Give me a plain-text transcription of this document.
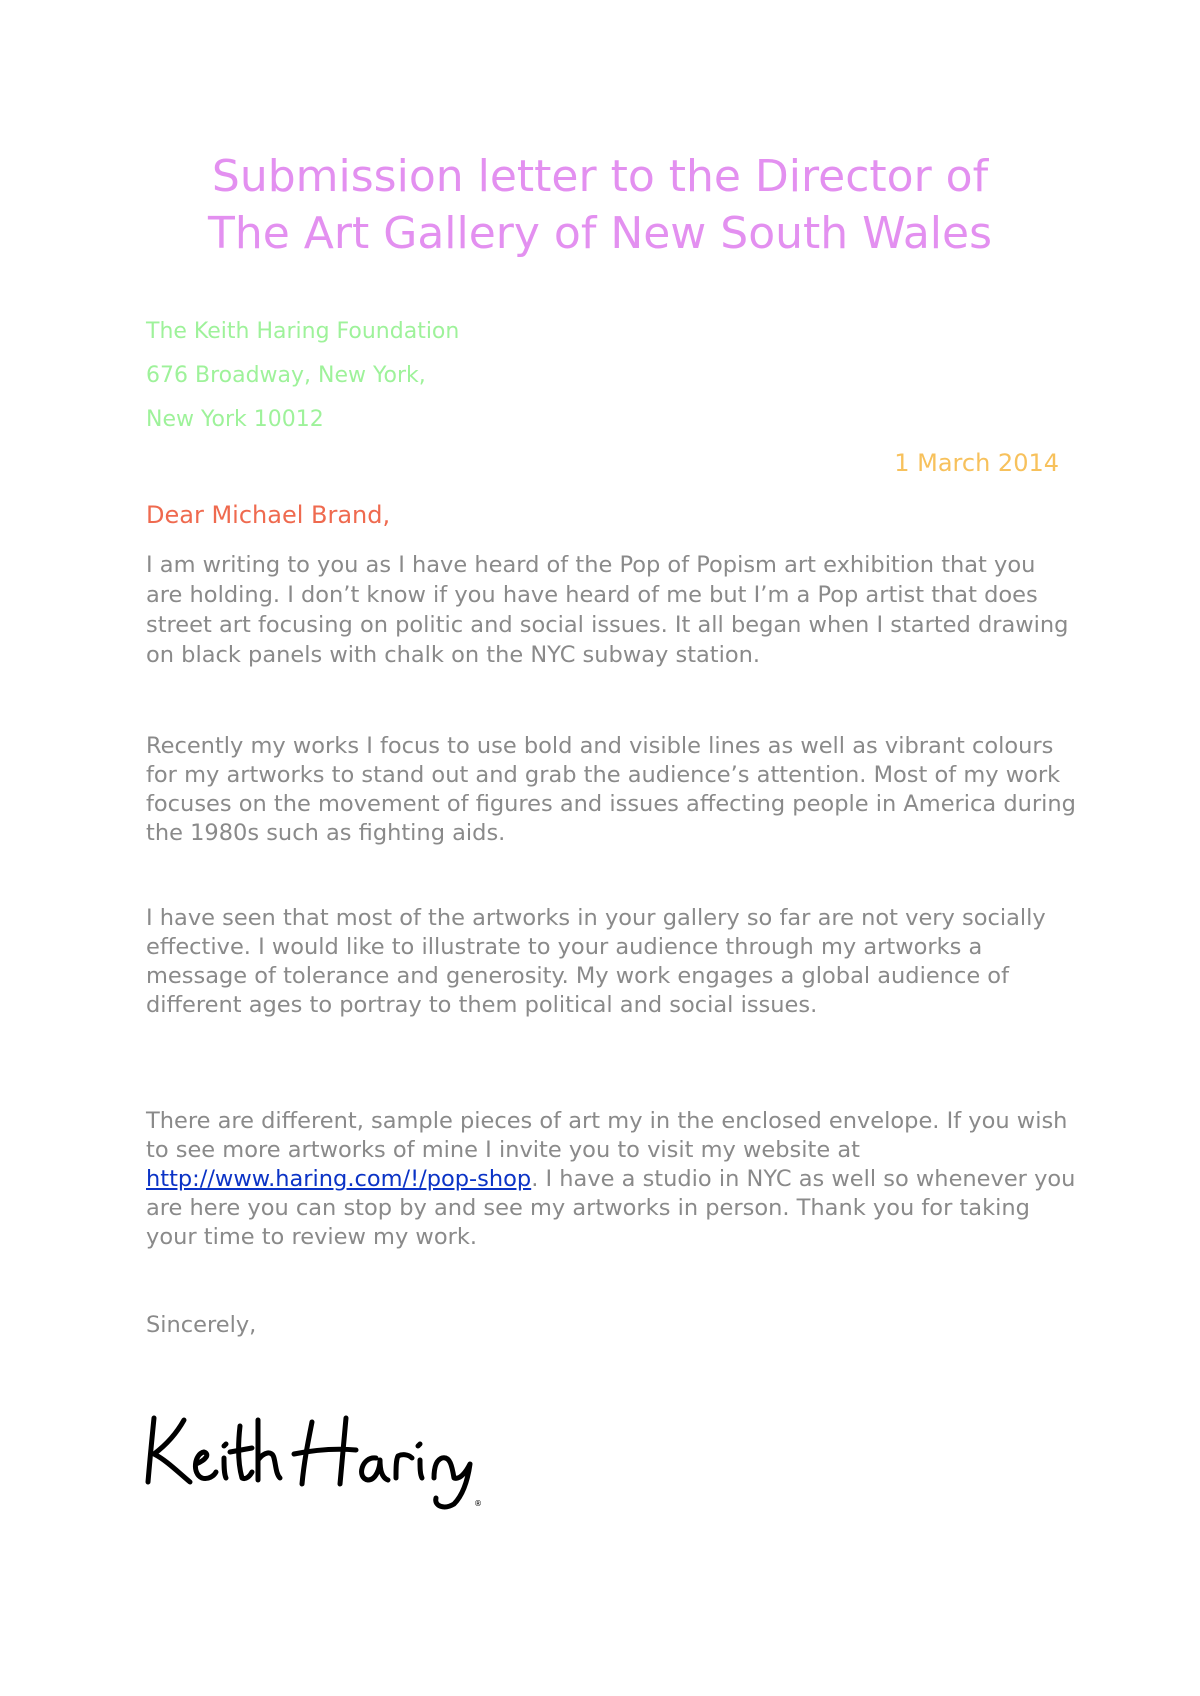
Submission letter to the Director of
The Art Gallery of New South Wales
The Keith Haring Foundation
676 Broadway, New York,
New York 10012
1 March 2014
Dear Michael Brand,

I am writing to you as I have heard of the Pop of Popism art exhibition that you are holding. I don’t know if you have heard of me but I’m a Pop artist that does street art focusing on politic and social issues. It all began when I started drawing on black panels with chalk on the NYC subway station.

Recently my works I focus to use bold and visible lines as well as vibrant colours for my artworks to stand out and grab the audience’s attention. Most of my work focuses on the movement of figures and issues affecting people in America during the 1980s such as fighting aids.

I have seen that most of the artworks in your gallery so far are not very socially effective. I would like to illustrate to your audience through my artworks a message of tolerance and generosity. My work engages a global audience of different ages to portray to them political and social issues.

There are different, sample pieces of art my in the enclosed envelope. If you wish to see more artworks of mine I invite you to visit my website at http://www.haring.com/!/pop-shop. I have a studio in NYC as well so whenever you are here you can stop by and see my artworks in person. Thank you for taking your time to review my work.

Sincerely,
®
